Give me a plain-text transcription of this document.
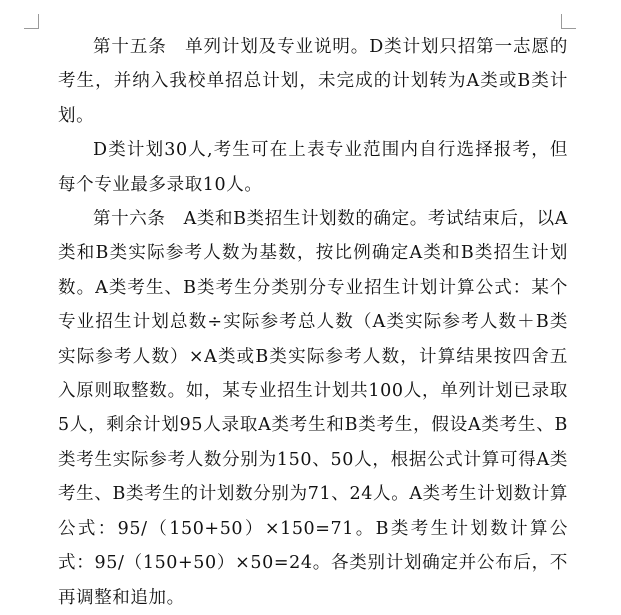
第十五条　单列计划及专业说明。D类计划只招第一志愿的考生，并纳入我校单招总计划，未完成的计划转为A类或B类计划。

D类计划30人,考生可在上表专业范围内自行选择报考，但每个专业最多录取10人。

第十六条　A类和B类招生计划数的确定。考试结束后，以A类和B类实际参考人数为基数，按比例确定A类和B类招生计划数。A类考生、B类考生分类别分专业招生计划计算公式：某个专业招生计划总数÷实际参考总人数（A类实际参考人数＋B类实际参考人数）×A类或B类实际参考人数，计算结果按四舍五入原则取整数。如，某专业招生计划共100人，单列计划已录取5人，剩余计划95人录取A类考生和B类考生，假设A类考生、B类考生实际参考人数分别为150、50人，根据公式计算可得A类考生、B类考生的计划数分别为71、24人。A类考生计划数计算公式：95/（150+50）×150=71。B类考生计划数计算公式：95/（150+50）×50=24。各类别计划确定并公布后，不再调整和追加。
